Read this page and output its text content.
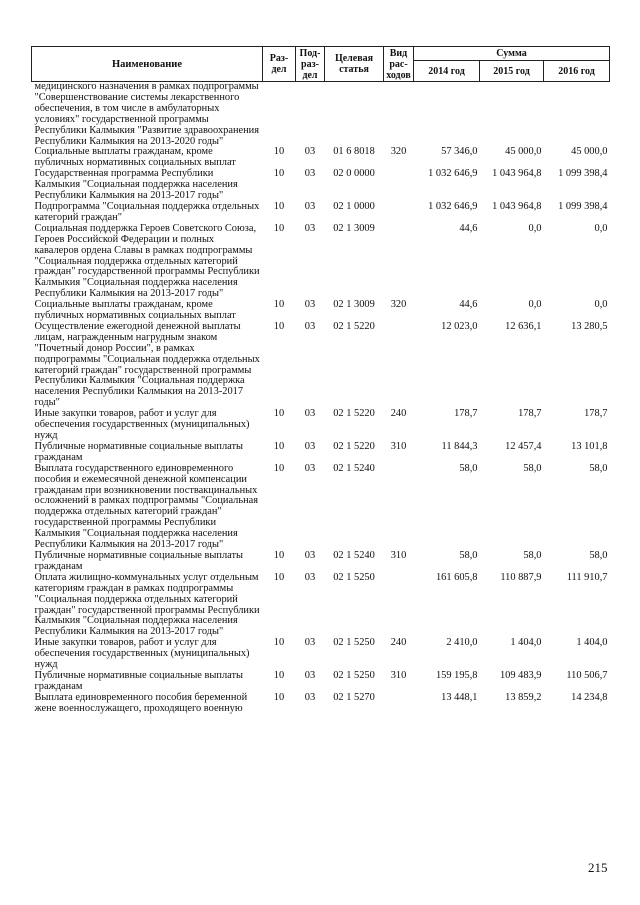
Наименование	Раз-дел	Под-раз-дел	Целевая статья	Вид рас-ходов	Сумма		
					2014 год	2015 год	2016 год
медицинского назначения в рамках подпрограммы "Совершенствование системы лекарственного обеспечения, в том числе в амбулаторных условиях" государственной программы Республики Калмыкия "Развитие здравоохранения Республики Калмыкия на 2013-2020 годы"							
Социальные выплаты гражданам, кроме публичных нормативных социальных выплат	10	03	01 6 8018	320	57 346,0	45 000,0	45 000,0
Государственная программа Республики Калмыкия "Социальная поддержка населения Республики Калмыкия на 2013-2017 годы"	10	03	02 0 0000		1 032 646,9	1 043 964,8	1 099 398,4
Подпрограмма "Социальная поддержка отдельных категорий граждан"	10	03	02 1 0000		1 032 646,9	1 043 964,8	1 099 398,4
Социальная поддержка Героев Советского Союза, Героев Российской Федерации и полных кавалеров ордена Славы в рамках подпрограммы "Социальная поддержка отдельных категорий граждан" государственной программы Республики Калмыкия "Социальная поддержка населения Республики Калмыкия на 2013-2017 годы"	10	03	02 1 3009		44,6	0,0	0,0
Социальные выплаты гражданам, кроме публичных нормативных социальных выплат	10	03	02 1 3009	320	44,6	0,0	0,0
Осуществление ежегодной денежной выплаты лицам, награжденным нагрудным знаком "Почетный донор России", в рамках подпрограммы "Социальная поддержка отдельных категорий граждан" государственной программы Республики Калмыкия "Социальная поддержка населения Республики Калмыкия на 2013-2017 годы"	10	03	02 1 5220		12 023,0	12 636,1	13 280,5
Иные закупки товаров, работ и услуг для обеспечения государственных (муниципальных) нужд	10	03	02 1 5220	240	178,7	178,7	178,7
Публичные нормативные социальные выплаты гражданам	10	03	02 1 5220	310	11 844,3	12 457,4	13 101,8
Выплата государственного единовременного пособия и ежемесячной денежной компенсации гражданам при возникновении поствакцинальных осложнений в рамках подпрограммы "Социальная поддержка отдельных категорий граждан" государственной программы Республики Калмыкия "Социальная поддержка населения Республики Калмыкия на 2013-2017 годы"	10	03	02 1 5240		58,0	58,0	58,0
Публичные нормативные социальные выплаты гражданам	10	03	02 1 5240	310	58,0	58,0	58,0
Оплата жилищно-коммунальных услуг отдельным категориям граждан в рамках подпрограммы "Социальная поддержка отдельных категорий граждан" государственной программы Республики Калмыкия "Социальная поддержка населения Республики Калмыкия на 2013-2017 годы"	10	03	02 1 5250		161 605,8	110 887,9	111 910,7
Иные закупки товаров, работ и услуг для обеспечения государственных (муниципальных) нужд	10	03	02 1 5250	240	2 410,0	1 404,0	1 404,0
Публичные нормативные социальные выплаты гражданам	10	03	02 1 5250	310	159 195,8	109 483,9	110 506,7
Выплата единовременного пособия беременной жене военнослужащего, проходящего военную	10	03	02 1 5270		13 448,1	13 859,2	14 234,8
215
